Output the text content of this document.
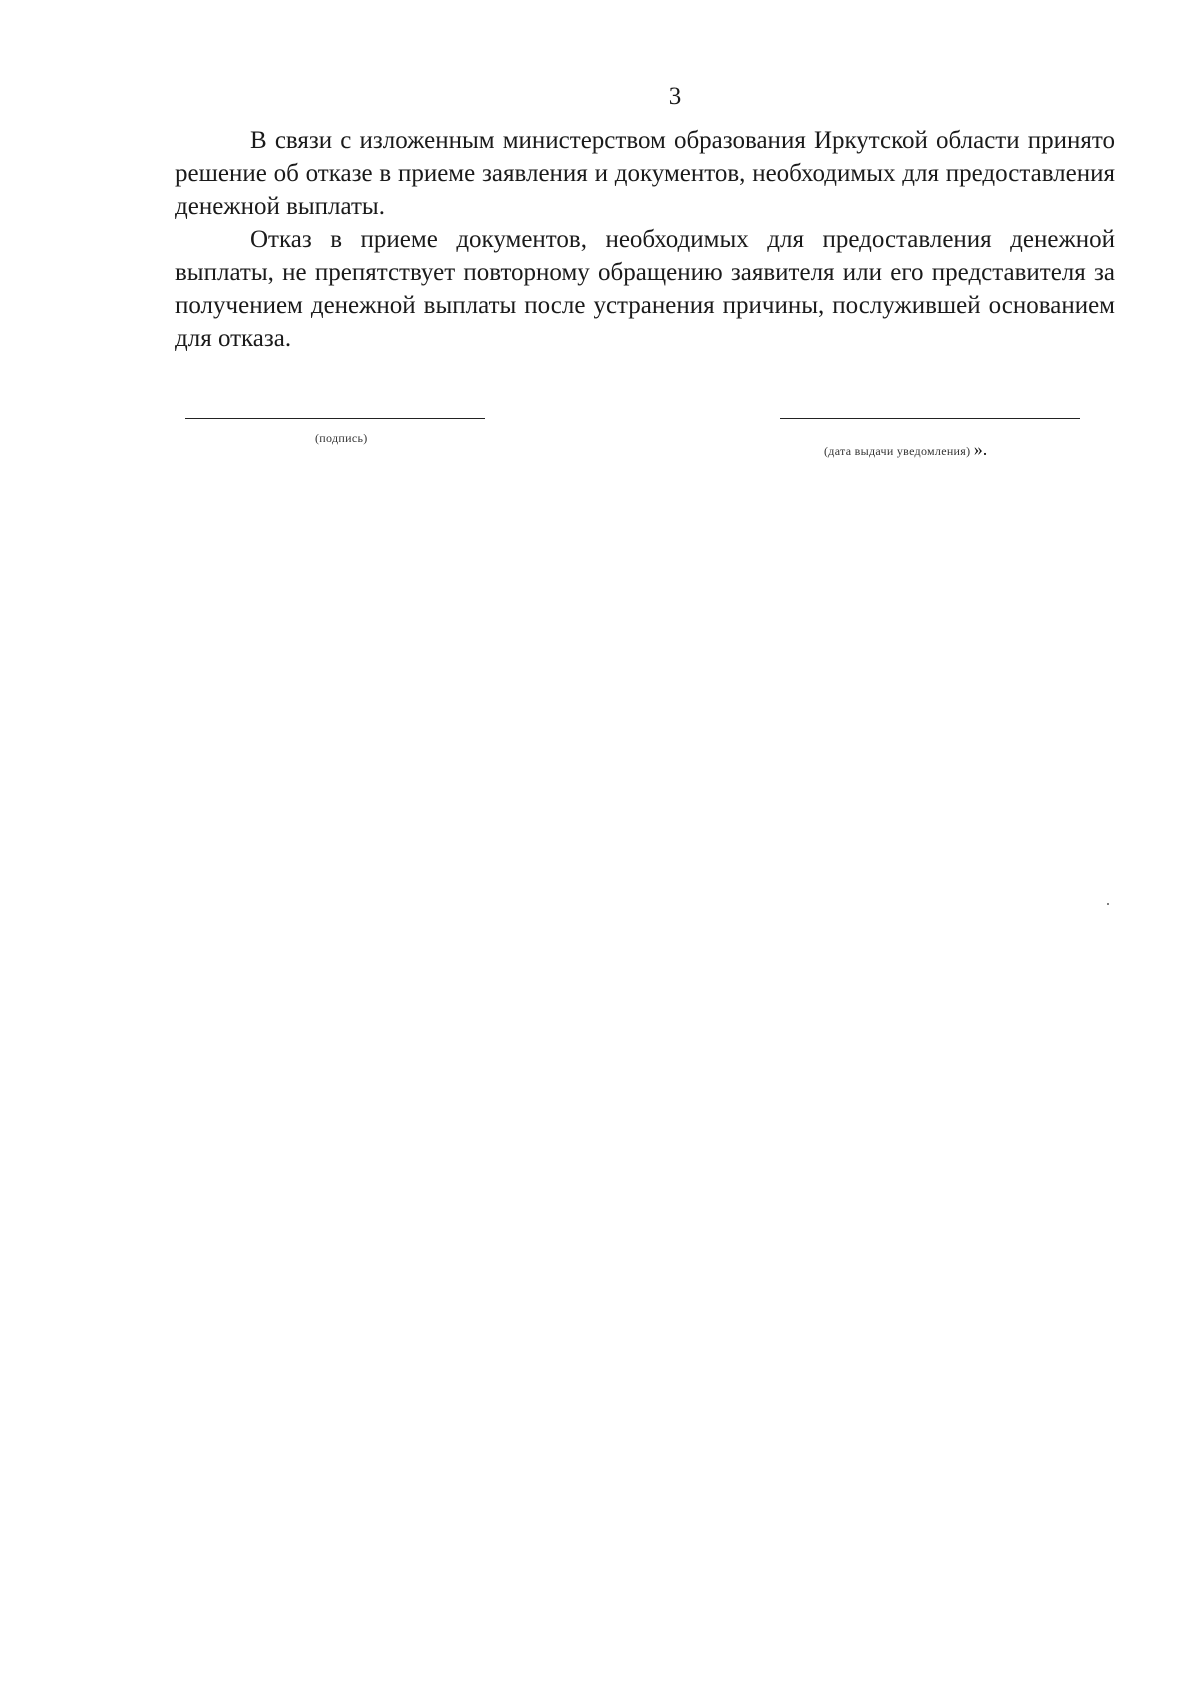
3

В связи с изложенным министерством образования Иркутской области принято решение об отказе в приеме заявления и документов, необходимых для предоставления денежной выплаты.

Отказ в приеме документов, необходимых для предоставления денежной выплаты, не препятствует повторному обращению заявителя или его представителя за получением денежной выплаты после устранения причины, послужившей основанием для отказа.

(подпись)
(дата выдачи уведомления) ».
